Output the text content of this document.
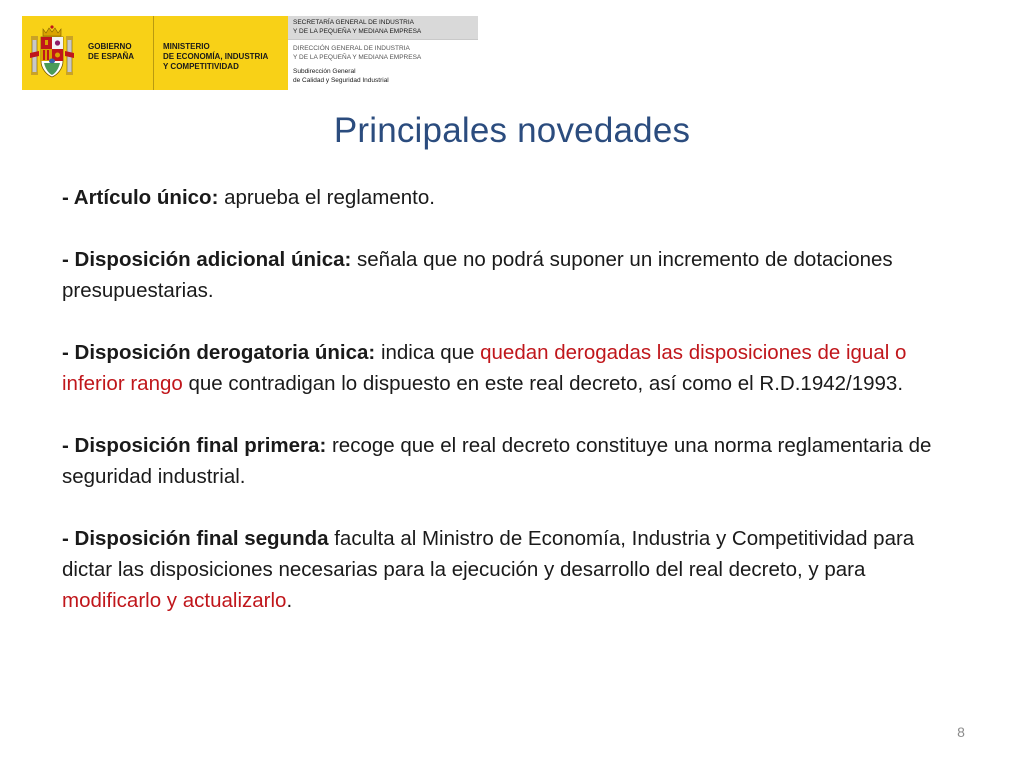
GOBIERNO
DE ESPAÑA
MINISTERIO
DE ECONOMÍA, INDUSTRIA
Y COMPETITIVIDAD
SECRETARÍA GENERAL DE INDUSTRIA
Y DE LA PEQUEÑA Y MEDIANA EMPRESA
DIRECCIÓN GENERAL DE INDUSTRIA
Y DE LA PEQUEÑA Y MEDIANA EMPRESA
Subdirección General
de Calidad y Seguridad Industrial
Principales novedades

- Artículo único: aprueba el reglamento.

- Disposición adicional única: señala que no podrá suponer un incremento de dotaciones presupuestarias.

- Disposición derogatoria única: indica que quedan derogadas las disposiciones de igual o inferior rango que contradigan lo dispuesto en este real decreto, así como el R.D.1942/1993.

- Disposición final primera: recoge que el real decreto constituye una norma reglamentaria de seguridad industrial.

- Disposición final segunda faculta al Ministro de Economía, Industria y Competitividad para dictar las disposiciones necesarias para la ejecución y desarrollo del real decreto, y para modificarlo y actualizarlo.

8
